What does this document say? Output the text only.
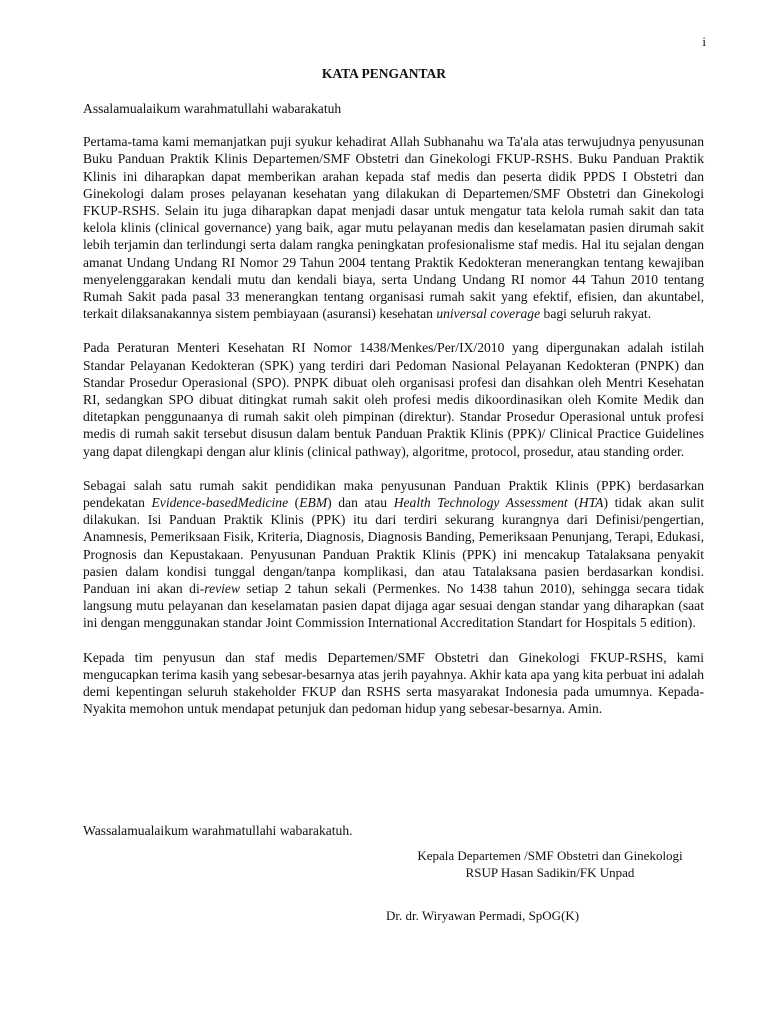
i
KATA PENGANTAR

Assalamualaikum warahmatullahi wabarakatuh

Pertama-tama kami memanjatkan puji syukur kehadirat Allah Subhanahu wa Ta'ala atas terwujudnya penyusunan Buku Panduan Praktik Klinis Departemen/SMF Obstetri dan Ginekologi FKUP-RSHS. Buku Panduan Praktik Klinis ini diharapkan dapat memberikan arahan kepada staf medis dan peserta didik PPDS I Obstetri dan Ginekologi dalam proses pelayanan kesehatan yang dilakukan di Departemen/SMF Obstetri dan Ginekologi FKUP-RSHS. Selain itu juga diharapkan dapat menjadi dasar untuk mengatur tata kelola rumah sakit dan tata kelola klinis (clinical governance) yang baik, agar mutu pelayanan medis dan keselamatan pasien dirumah sakit lebih terjamin dan terlindungi serta dalam rangka peningkatan profesionalisme staf medis. Hal itu sejalan dengan amanat Undang Undang RI Nomor 29 Tahun 2004 tentang Praktik Kedokteran menerangkan tentang kewajiban menyelenggarakan kendali mutu dan kendali biaya, serta Undang Undang RI nomor 44 Tahun 2010 tentang Rumah Sakit pada pasal 33 menerangkan tentang organisasi rumah sakit yang efektif, efisien, dan akuntabel, terkait dilaksanakannya sistem pembiayaan (asuransi) kesehatan universal coverage bagi seluruh rakyat.

Pada Peraturan Menteri Kesehatan RI Nomor 1438/Menkes/Per/IX/2010 yang dipergunakan adalah istilah Standar Pelayanan Kedokteran (SPK) yang terdiri dari Pedoman Nasional Pelayanan Kedokteran (PNPK) dan Standar Prosedur Operasional (SPO). PNPK dibuat oleh organisasi profesi dan disahkan oleh Mentri Kesehatan RI, sedangkan SPO dibuat ditingkat rumah sakit oleh profesi medis dikoordinasikan oleh Komite Medik dan ditetapkan penggunaanya di rumah sakit oleh pimpinan (direktur). Standar Prosedur Operasional untuk profesi medis di rumah sakit tersebut disusun dalam bentuk Panduan Praktik Klinis (PPK)/ Clinical Practice Guidelines yang dapat dilengkapi dengan alur klinis (clinical pathway), algoritme, protocol, prosedur, atau standing order.

Sebagai salah satu rumah sakit pendidikan maka penyusunan Panduan Praktik Klinis (PPK) berdasarkan pendekatan Evidence-basedMedicine (EBM) dan atau Health Technology Assessment (HTA) tidak akan sulit dilakukan. Isi Panduan Praktik Klinis (PPK) itu dari terdiri sekurang kurangnya dari Definisi/pengertian, Anamnesis, Pemeriksaan Fisik, Kriteria, Diagnosis, Diagnosis Banding, Pemeriksaan Penunjang, Terapi, Edukasi, Prognosis dan Kepustakaan. Penyusunan Panduan Praktik Klinis (PPK) ini mencakup Tatalaksana penyakit pasien dalam kondisi tunggal dengan/tanpa komplikasi, dan atau Tatalaksana pasien berdasarkan kondisi. Panduan ini akan di-review setiap 2 tahun sekali (Permenkes. No 1438 tahun 2010), sehingga secara tidak langsung mutu pelayanan dan keselamatan pasien dapat dijaga agar sesuai dengan standar yang diharapkan (saat ini dengan menggunakan standar Joint Commission International Accreditation Standart for Hospitals 5 edition).

Kepada tim penyusun dan staf medis Departemen/SMF Obstetri dan Ginekologi FKUP-RSHS, kami mengucapkan terima kasih yang sebesar-besarnya atas jerih payahnya. Akhir kata apa yang kita perbuat ini adalah demi kepentingan seluruh stakeholder FKUP dan RSHS serta masyarakat Indonesia pada umumnya. Kepada-Nyakita memohon untuk mendapat petunjuk dan pedoman hidup yang sebesar-besarnya. Amin.

Wassalamualaikum warahmatullahi wabarakatuh.
Kepala Departemen /SMF Obstetri dan Ginekologi
RSUP Hasan Sadikin/FK Unpad
Dr. dr. Wiryawan Permadi, SpOG(K)
